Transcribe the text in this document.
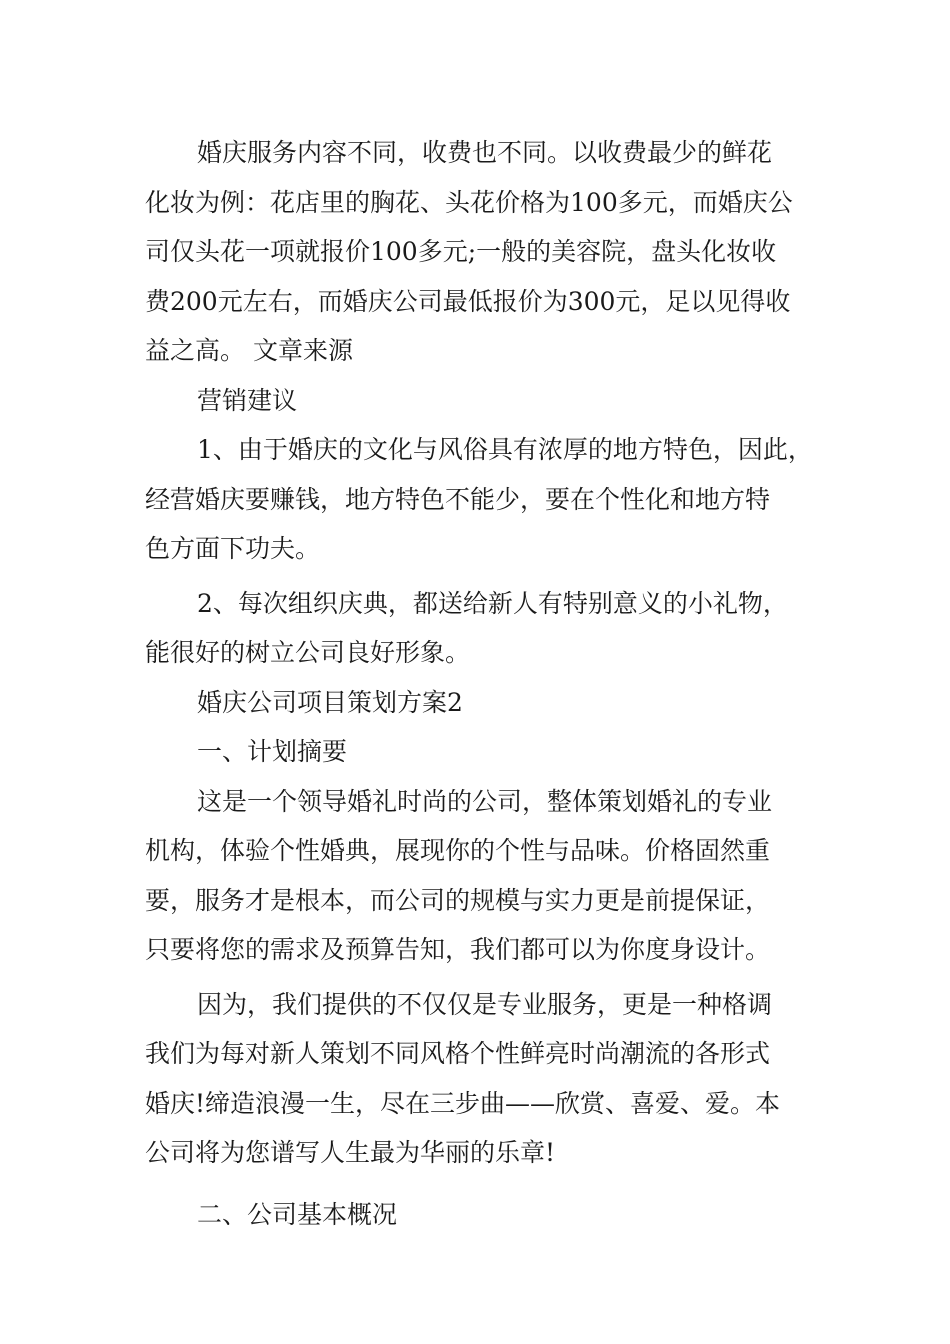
婚庆服务内容不同，收费也不同。以收费最少的鲜花
化妆为例：花店里的胸花、头花价格为100多元，而婚庆公
司仅头花一项就报价100多元;一般的美容院，盘头化妆收
费200元左右，而婚庆公司最低报价为300元，足以见得收
益之高。 文章来源
营销建议
1、由于婚庆的文化与风俗具有浓厚的地方特色，因此，
经营婚庆要赚钱，地方特色不能少，要在个性化和地方特
色方面下功夫。
2、每次组织庆典，都送给新人有特别意义的小礼物，
能很好的树立公司良好形象。
婚庆公司项目策划方案2
一、计划摘要
这是一个领导婚礼时尚的公司，整体策划婚礼的专业
机构，体验个性婚典，展现你的个性与品味。价格固然重
要，服务才是根本，而公司的规模与实力更是前提保证，
只要将您的需求及预算告知，我们都可以为你度身设计。
因为，我们提供的不仅仅是专业服务，更是一种格调
我们为每对新人策划不同风格个性鲜亮时尚潮流的各形式
婚庆!缔造浪漫一生，尽在三步曲——欣赏、喜爱、爱。本
公司将为您谱写人生最为华丽的乐章!
二、公司基本概况
